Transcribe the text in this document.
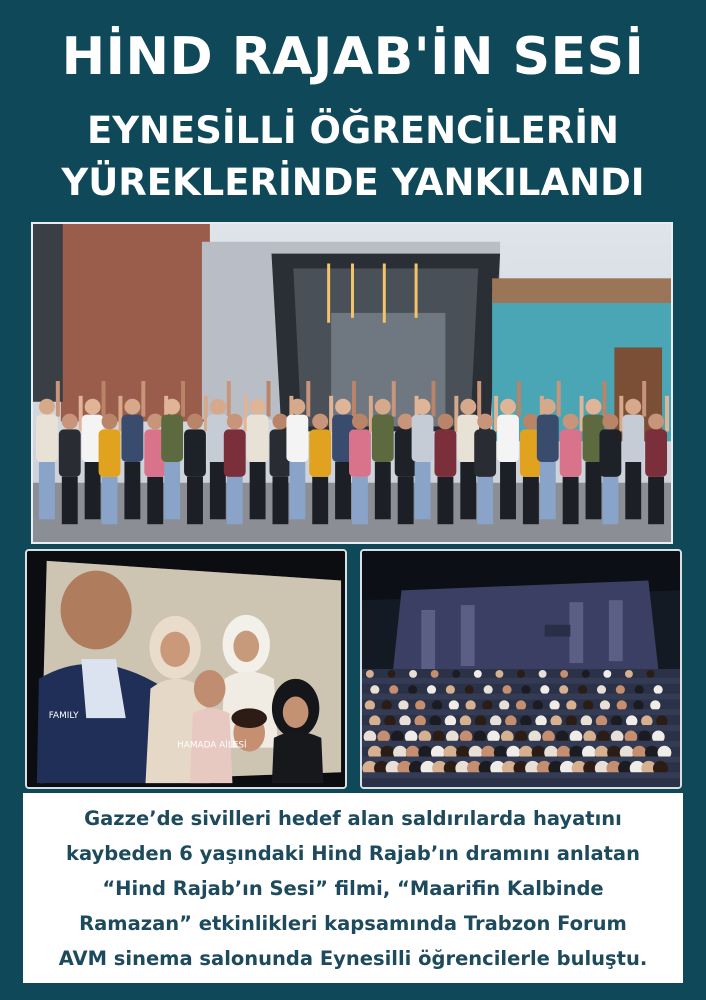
HİND RAJAB'İN SESİ
EYNESİLLİ ÖĞRENCİLERİN
YÜREKLERİNDE YANKILANDI
FAMILY
HAMADA AİLESİ
Gazze’de sivilleri hedef alan saldırılarda hayatını
kaybeden 6 yaşındaki Hind Rajab’ın dramını anlatan
“Hind Rajab’ın Sesi” filmi, “Maarifin Kalbinde
Ramazan” etkinlikleri kapsamında Trabzon Forum
AVM sinema salonunda Eynesilli öğrencilerle buluştu.
